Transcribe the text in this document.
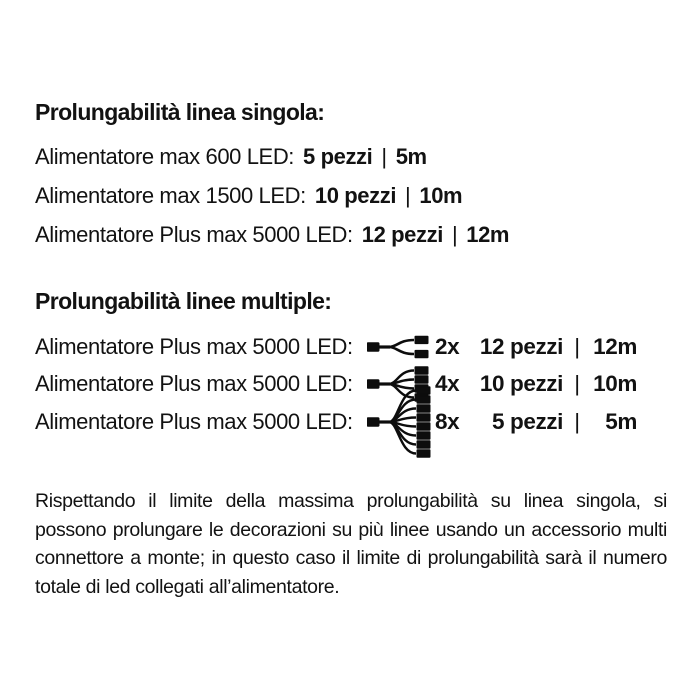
Prolungabilità linea singola:
Alimentatore max 600 LED: 5 pezzi | 5m
Alimentatore max 1500 LED: 10 pezzi | 10m
Alimentatore Plus max 5000 LED: 12 pezzi | 12m
Prolungabilità linee multiple:
Alimentatore Plus max 5000 LED:	2x 12 pezzi | 12m
Alimentatore Plus max 5000 LED:	4x 10 pezzi | 10m
Alimentatore Plus max 5000 LED:	8x	5 pezzi |	5m

Rispettando il limite della massima prolungabilità su linea singola, si possono prolungare le decorazioni su più linee usando un accessorio multi connettore a monte; in questo caso il limite di prolungabilità sarà il numero totale di led collegati all’alimentatore.
